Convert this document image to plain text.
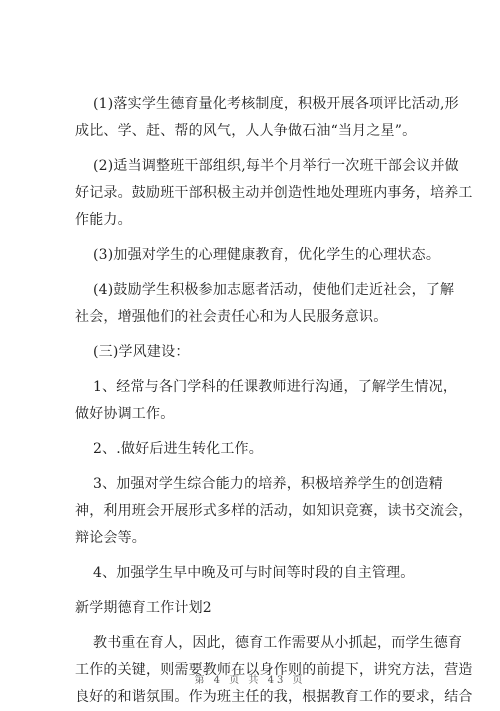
(1)落实学生德育量化考核制度，积极开展各项评比活动,形
成比、学、赶、帮的风气，人人争做石油“当月之星”。
(2)适当调整班干部组织,每半个月举行一次班干部会议并做
好记录。鼓励班干部积极主动并创造性地处理班内事务，培养工
作能力。
(3)加强对学生的心理健康教育，优化学生的心理状态。
(4)鼓励学生积极参加志愿者活动，使他们走近社会，了解
社会，增强他们的社会责任心和为人民服务意识。
(三)学风建设：
1、经常与各门学科的任课教师进行沟通，了解学生情况，
做好协调工作。
2、.做好后进生转化工作。
3、加强对学生综合能力的培养，积极培养学生的创造精
神，利用班会开展形式多样的活动，如知识竞赛，读书交流会，
辩论会等。
4、加强学生早中晚及可与时间等时段的自主管理。
新学期德育工作计划2
教书重在育人，因此，德育工作需要从小抓起，而学生德育
工作的关键，则需要教师在以身作则的前提下，讲究方法，营造
良好的和谐氛围。作为班主任的我，根据教育工作的要求，结合
第 4 页 共 43 页
